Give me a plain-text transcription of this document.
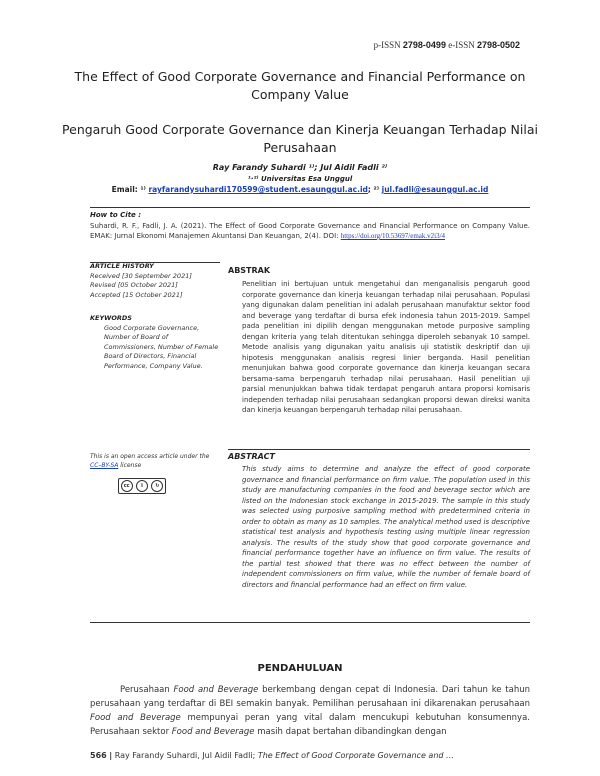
p-ISSN 2798-0499 e-ISSN 2798-0502
The Effect of Good Corporate Governance and Financial Performance on Company Value
Pengaruh Good Corporate Governance dan Kinerja Keuangan Terhadap Nilai Perusahaan
Ray Farandy Suhardi ¹⁾; Jul Aidil Fadli ²⁾
¹·²⁾ Universitas Esa Unggul
Email: ¹⁾ rayfarandysuhardi170599@student.esaunggul.ac.id; ²⁾ jul.fadli@esaunggul.ac.id
How to Cite :
Suhardi, R. F., Fadli, J. A. (2021). The Effect of Good Corporate Governance and Financial Performance on Company Value. EMAK: Jurnal Ekonomi Manajemen Akuntansi Dan Keuangan, 2(4). DOI: https://doi.org/10.53697/emak.v2i3/4
ARTICLE HISTORY
Received [30 September 2021]
Revised [05 October 2021]
Accepted [15 October 2021]
KEYWORDS
Good Corporate Governance, Number of Board of Commissioners, Number of Female Board of Directors, Financial Performance, Company Value.
This is an open access article under the CC–BY-SA license
cc	i	↻
ABSTRAK
Penelitian ini bertujuan untuk mengetahui dan menganalisis pengaruh good corporate governance dan kinerja keuangan terhadap nilai perusahaan. Populasi yang digunakan dalam penelitian ini adalah perusahaan manufaktur sektor food and beverage yang terdaftar di bursa efek indonesia tahun 2015-2019. Sampel pada penelitian ini dipilih dengan menggunakan metode purposive sampling dengan kriteria yang telah ditentukan sehingga diperoleh sebanyak 10 sampel. Metode analisis yang digunakan yaitu analisis uji statistik deskriptif dan uji hipotesis menggunakan analisis regresi linier berganda. Hasil penelitian menunjukan bahwa good corporate governance dan kinerja keuangan secara bersama-sama berpengaruh terhadap nilai perusahaan. Hasil penelitian uji parsial menunjukkan bahwa tidak terdapat pengaruh antara proporsi komisaris independen terhadap nilai perusahaan sedangkan proporsi dewan direksi wanita dan kinerja keuangan berpengaruh terhadap nilai perusahaan.
ABSTRACT
This study aims to determine and analyze the effect of good corporate governance and financial performance on firm value. The population used in this study are manufacturing companies in the food and beverage sector which are listed on the Indonesian stock exchange in 2015-2019. The sample in this study was selected using purposive sampling method with predetermined criteria in order to obtain as many as 10 samples. The analytical method used is descriptive statistical test analysis and hypothesis testing using multiple linear regression analysis. The results of the study show that good corporate governance and financial performance together have an influence on firm value. The results of the partial test showed that there was no effect between the number of independent commissioners on firm value, while the number of female board of directors and financial performance had an effect on firm value.
PENDAHULUAN
Perusahaan Food and Beverage berkembang dengan cepat di Indonesia. Dari tahun ke tahun perusahaan yang terdaftar di BEI semakin banyak. Pemilihan perusahaan ini dikarenakan perusahaan Food and Beverage mempunyai peran yang vital dalam mencukupi kebutuhan konsumennya. Perusahaan sektor Food and Beverage masih dapat bertahan dibandingkan dengan
566 | Ray Farandy Suhardi, Jul Aidil Fadli; The Effect of Good Corporate Governance and …
